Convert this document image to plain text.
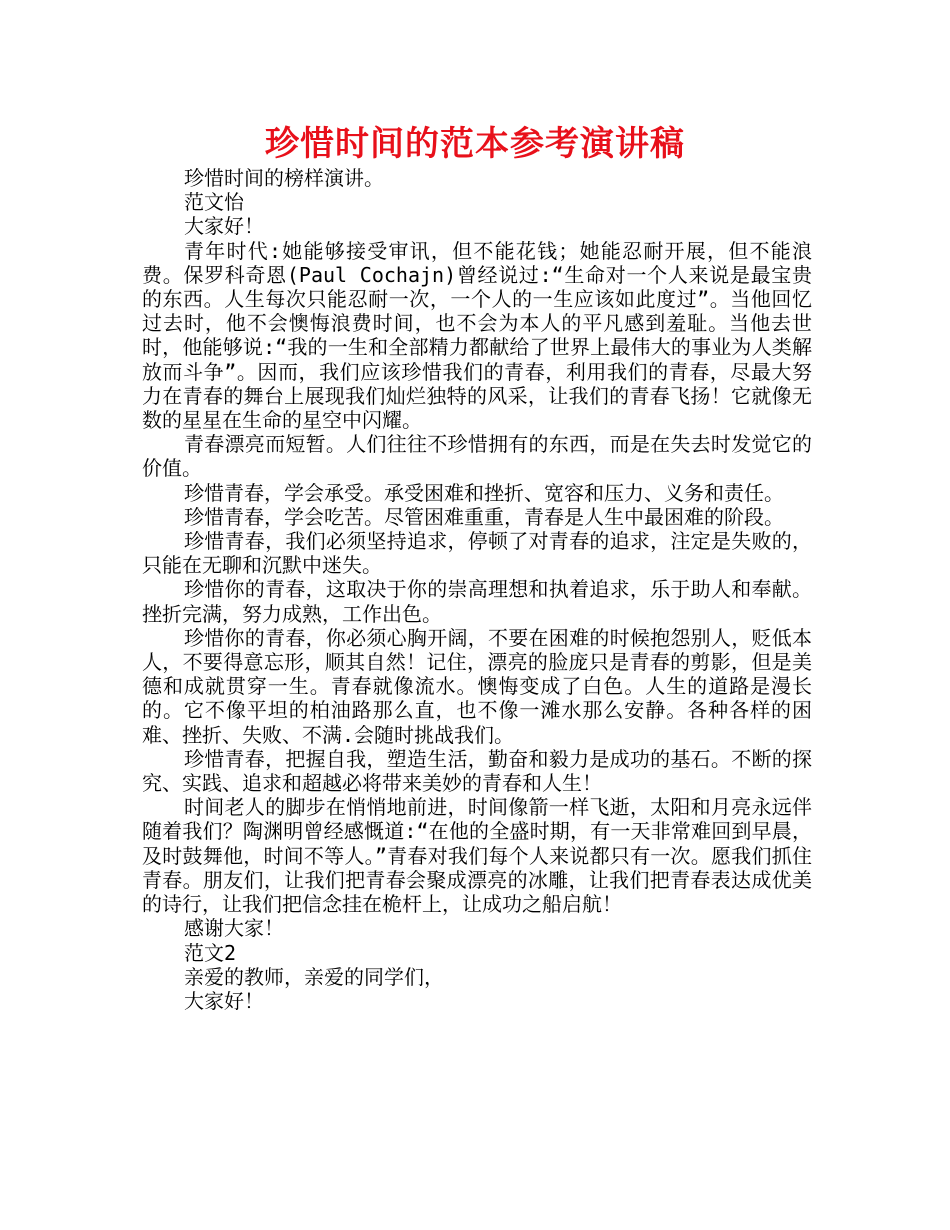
珍惜时间的范本参考演讲稿

珍惜时间的榜样演讲。

范文怡

大家好！

青年时代:她能够接受审讯，但不能花钱；她能忍耐开展，但不能浪费。保罗科奇恩(Paul Cochajn)曾经说过:“生命对一个人来说是最宝贵的东西。人生每次只能忍耐一次，一个人的一生应该如此度过”。当他回忆过去时，他不会懊悔浪费时间，也不会为本人的平凡感到羞耻。当他去世时，他能够说:“我的一生和全部精力都献给了世界上最伟大的事业为人类解放而斗争”。因而，我们应该珍惜我们的青春，利用我们的青春，尽最大努力在青春的舞台上展现我们灿烂独特的风采，让我们的青春飞扬！它就像无数的星星在生命的星空中闪耀。

青春漂亮而短暂。人们往往不珍惜拥有的东西，而是在失去时发觉它的价值。

珍惜青春，学会承受。承受困难和挫折、宽容和压力、义务和责任。

珍惜青春，学会吃苦。尽管困难重重，青春是人生中最困难的阶段。

珍惜青春，我们必须坚持追求，停顿了对青春的追求，注定是失败的，只能在无聊和沉默中迷失。

珍惜你的青春，这取决于你的崇高理想和执着追求，乐于助人和奉献。挫折完满，努力成熟，工作出色。

珍惜你的青春，你必须心胸开阔，不要在困难的时候抱怨别人，贬低本人，不要得意忘形，顺其自然！记住，漂亮的脸庞只是青春的剪影，但是美德和成就贯穿一生。青春就像流水。懊悔变成了白色。人生的道路是漫长的。它不像平坦的柏油路那么直，也不像一滩水那么安静。各种各样的困难、挫折、失败、不满.会随时挑战我们。

珍惜青春，把握自我，塑造生活，勤奋和毅力是成功的基石。不断的探究、实践、追求和超越必将带来美妙的青春和人生！

时间老人的脚步在悄悄地前进，时间像箭一样飞逝，太阳和月亮永远伴随着我们？陶渊明曾经感慨道:“在他的全盛时期，有一天非常难回到早晨，及时鼓舞他，时间不等人。”青春对我们每个人来说都只有一次。愿我们抓住青春。朋友们，让我们把青春会聚成漂亮的冰雕，让我们把青春表达成优美的诗行，让我们把信念挂在桅杆上，让成功之船启航！

感谢大家！

范文2

亲爱的教师，亲爱的同学们，

大家好！
